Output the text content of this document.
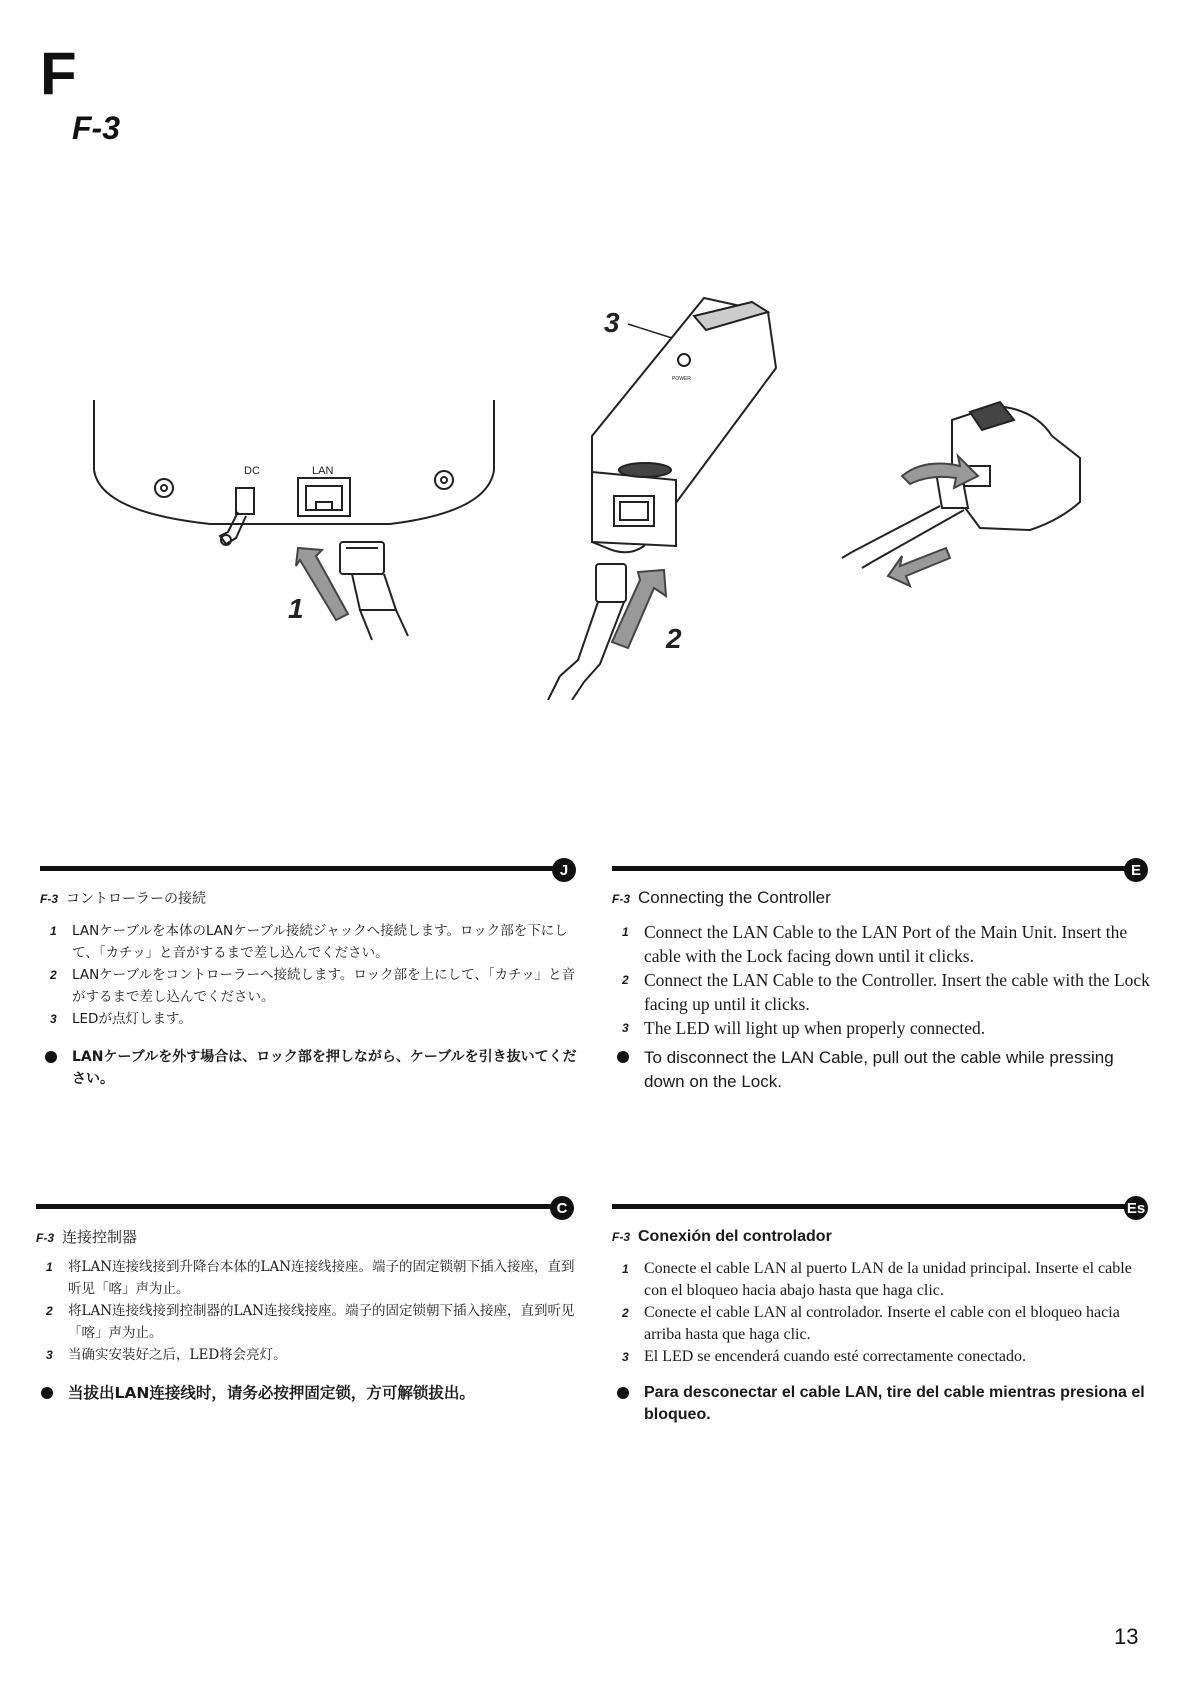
F
F-3
3
1
2
DC	LAN
POWER
J
F-3 コントローラーの接続
1 LANケーブルを本体のLANケーブル接続ジャックへ接続します。ロック部を下にして、「カチッ」と音がするまで差し込んでください。
2 LANケーブルをコントローラーへ接続します。ロック部を上にして、「カチッ」と音がするまで差し込んでください。
3 LEDが点灯します。
LANケーブルを外す場合は、ロック部を押しながら、ケーブルを引き抜いてください。
E
F-3 Connecting the Controller
1 Connect the LAN Cable to the LAN Port of the Main Unit. Insert the cable with the Lock facing down until it clicks.
2 Connect the LAN Cable to the Controller. Insert the cable with the Lock facing up until it clicks.
3 The LED will light up when properly connected.
To disconnect the LAN Cable, pull out the cable while pressing down on the Lock.
C
F-3 连接控制器
1 将LAN连接线接到升降台本体的LAN连接线接座。端子的固定锁朝下插入接座，直到听见「喀」声为止。
2 将LAN连接线接到控制器的LAN连接线接座。端子的固定锁朝下插入接座，直到听见「喀」声为止。
3 当确实安装好之后，LED将会亮灯。
当拔出LAN连接线时，请务必按押固定锁，方可解锁拔出。
Es
F-3 Conexión del controlador
1 Conecte el cable LAN al puerto LAN de la unidad principal. Inserte el cable con el bloqueo hacia abajo hasta que haga clic.
2 Conecte el cable LAN al controlador. Inserte el cable con el bloqueo hacia arriba hasta que haga clic.
3 El LED se encenderá cuando esté correctamente conectado.
Para desconectar el cable LAN, tire del cable mientras presiona el bloqueo.
13
